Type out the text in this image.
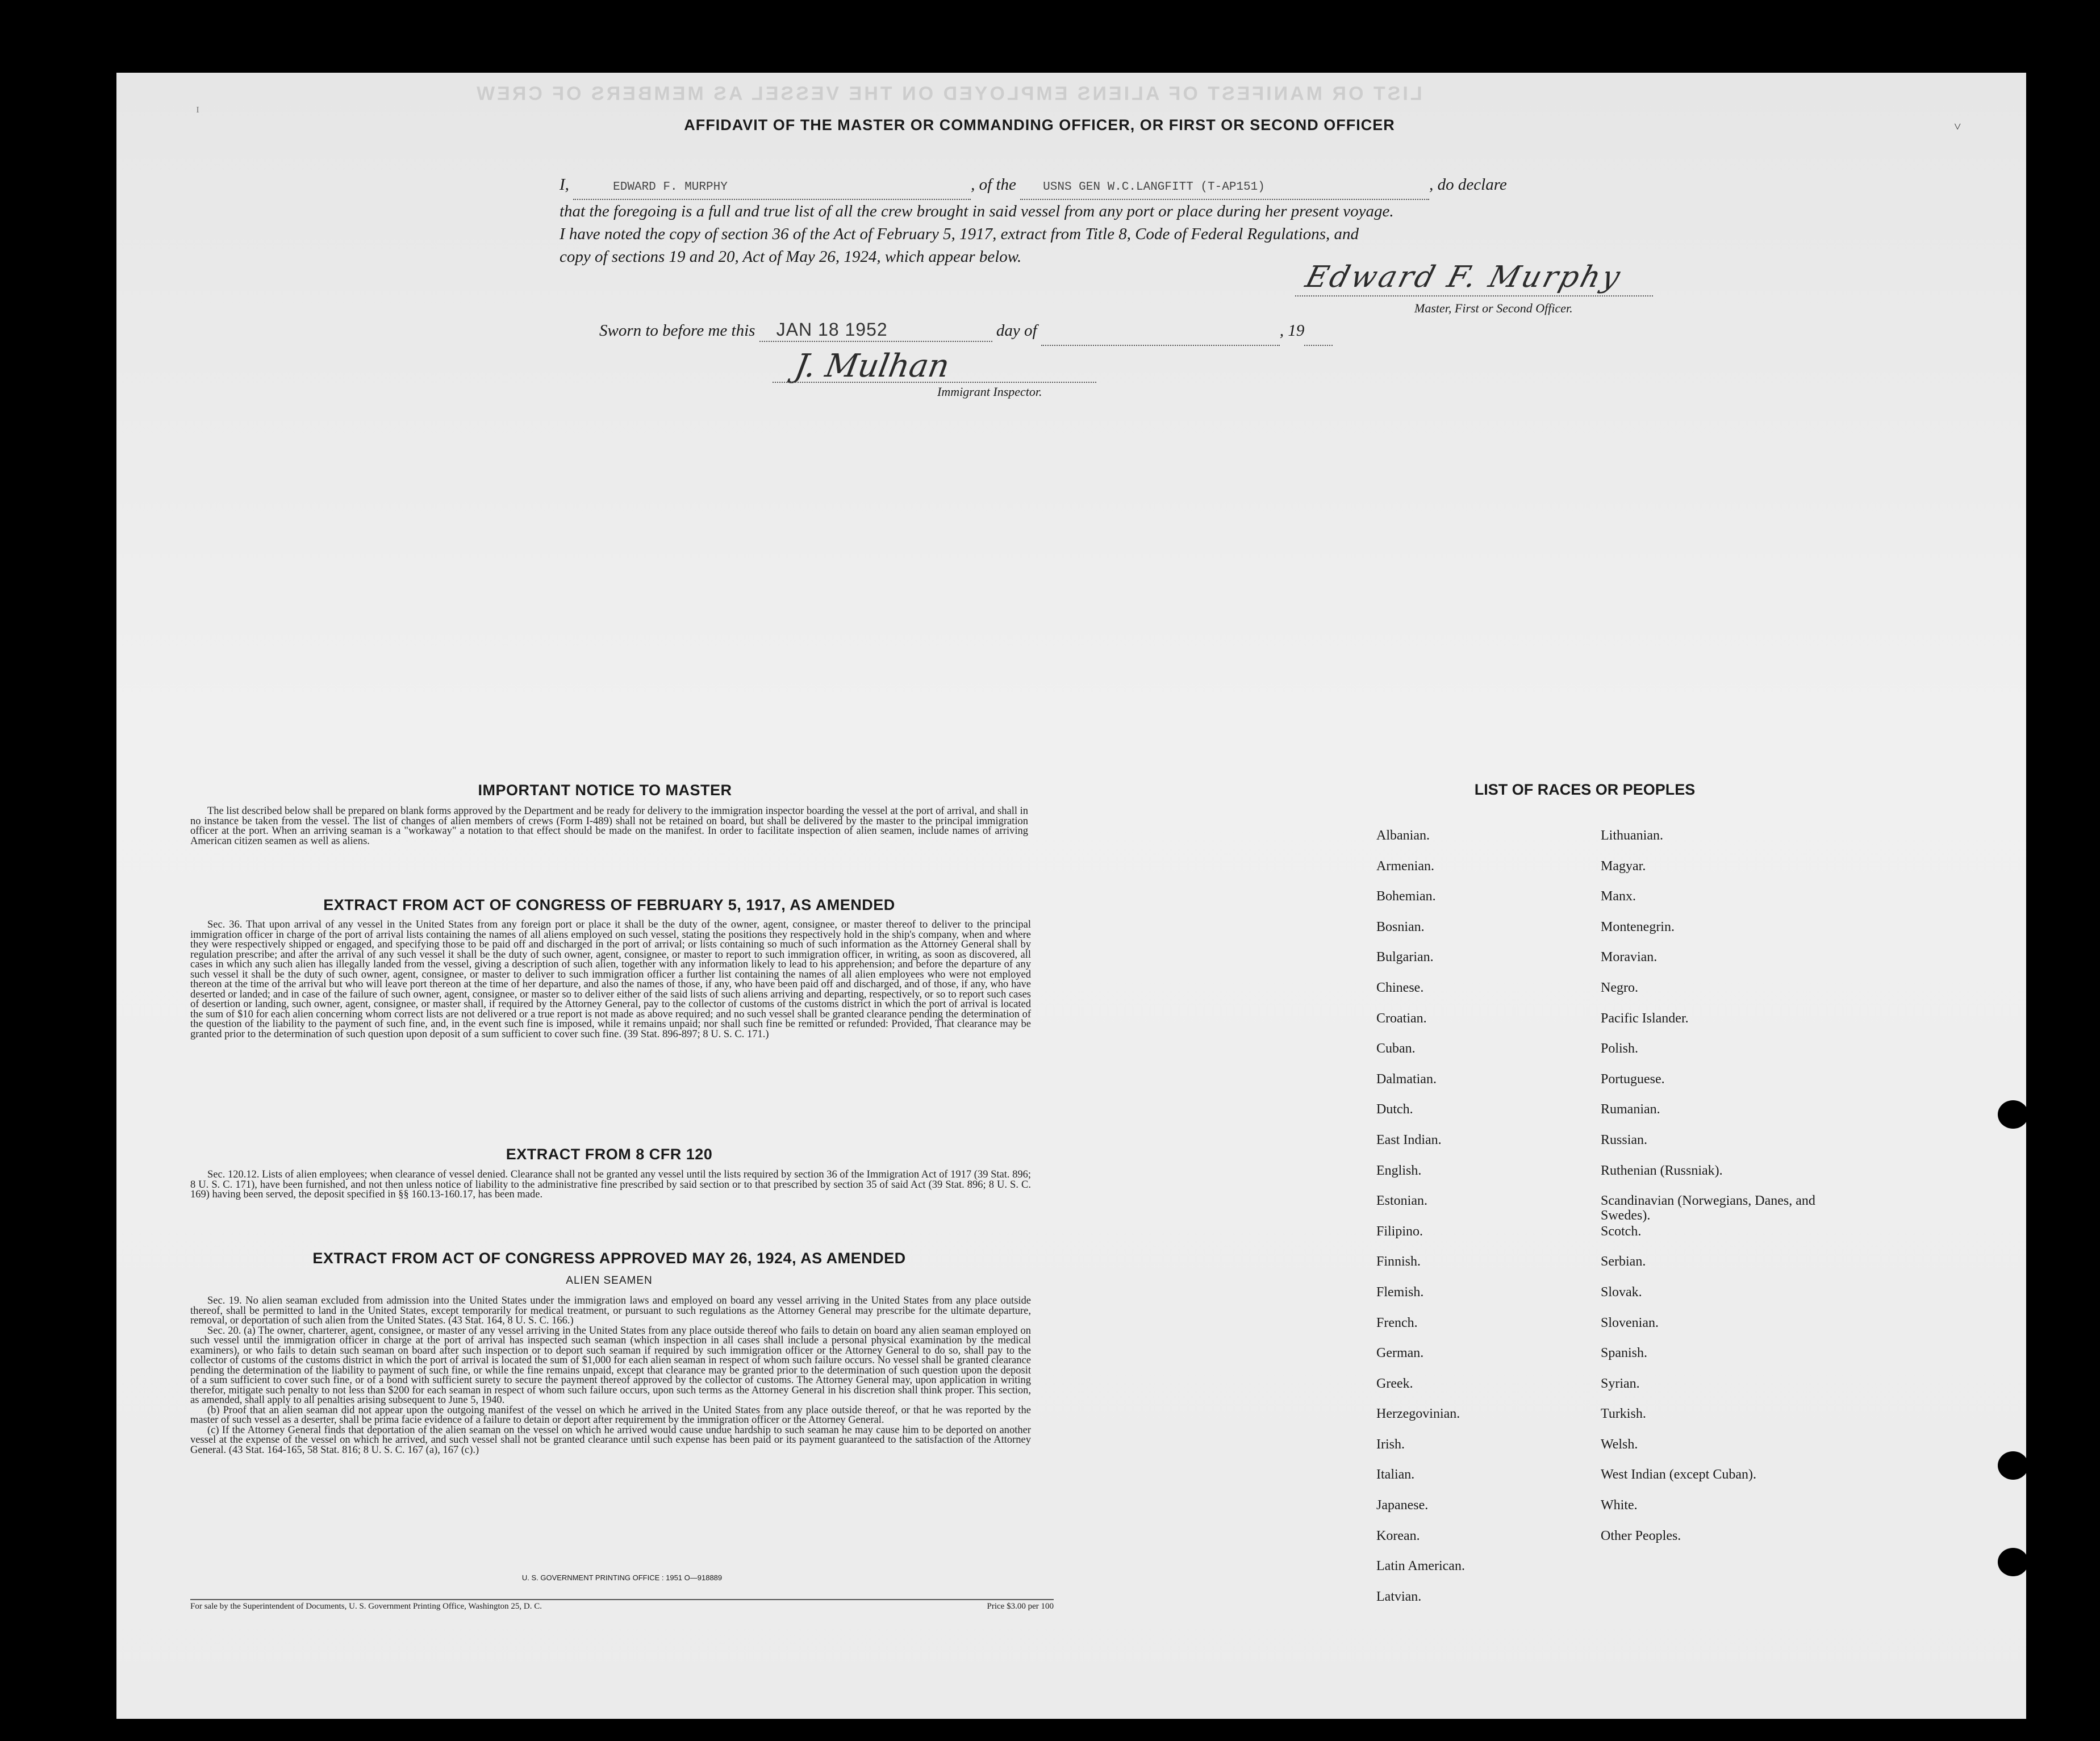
LIST OR MANIFEST OF ALIENS EMPLOYED ON THE VESSEL AS MEMBERS OF CREW
AFFIDAVIT OF THE MASTER OR COMMANDING OFFICER, OR FIRST OR SECOND OFFICER
I,	EDWARD F. MURPHY	, of the USNS GEN W.C.LANGFITT (T-AP151)	, do declare
that the foregoing is a full and true list of all the crew brought in said vessel from any port or place during her present voyage.
I have noted the copy of section 36 of the Act of February 5, 1917, extract from Title 8, Code of Federal Regulations, and
copy of sections 19 and 20, Act of May 26, 1924, which appear below.
Edward F. Murphy
Master, First or Second Officer.
Sworn to before me this JAN 18 1952	day of	, 19
J. Mulhan
Immigrant Inspector.
IMPORTANT NOTICE TO MASTER

The list described below shall be prepared on blank forms approved by the Department and be ready for delivery to the immigration inspector boarding the vessel at the port of arrival, and shall in no instance be taken from the vessel. The list of changes of alien members of crews (Form I-489) shall not be retained on board, but shall be delivered by the master to the principal immigration officer at the port. When an arriving seaman is a "workaway" a notation to that effect should be made on the manifest. In order to facilitate inspection of alien seamen, include names of arriving American citizen seamen as well as aliens.

EXTRACT FROM ACT OF CONGRESS OF FEBRUARY 5, 1917, AS AMENDED

Sec. 36. That upon arrival of any vessel in the United States from any foreign port or place it shall be the duty of the owner, agent, consignee, or master thereof to deliver to the principal immigration officer in charge of the port of arrival lists containing the names of all aliens employed on such vessel, stating the positions they respectively hold in the ship's company, when and where they were respectively shipped or engaged, and specifying those to be paid off and discharged in the port of arrival; or lists containing so much of such information as the Attorney General shall by regulation prescribe; and after the arrival of any such vessel it shall be the duty of such owner, agent, consignee, or master to report to such immigration officer, in writing, as soon as discovered, all cases in which any such alien has illegally landed from the vessel, giving a description of such alien, together with any information likely to lead to his apprehension; and before the departure of any such vessel it shall be the duty of such owner, agent, consignee, or master to deliver to such immigration officer a further list containing the names of all alien employees who were not employed thereon at the time of the arrival but who will leave port thereon at the time of her departure, and also the names of those, if any, who have been paid off and discharged, and of those, if any, who have deserted or landed; and in case of the failure of such owner, agent, consignee, or master so to deliver either of the said lists of such aliens arriving and departing, respectively, or so to report such cases of desertion or landing, such owner, agent, consignee, or master shall, if required by the Attorney General, pay to the collector of customs of the customs district in which the port of arrival is located the sum of $10 for each alien concerning whom correct lists are not delivered or a true report is not made as above required; and no such vessel shall be granted clearance pending the determination of the question of the liability to the payment of such fine, and, in the event such fine is imposed, while it remains unpaid; nor shall such fine be remitted or refunded: Provided, That clearance may be granted prior to the determination of such question upon deposit of a sum sufficient to cover such fine. (39 Stat. 896-897; 8 U. S. C. 171.)

EXTRACT FROM 8 CFR 120

Sec. 120.12. Lists of alien employees; when clearance of vessel denied. Clearance shall not be granted any vessel until the lists required by section 36 of the Immigration Act of 1917 (39 Stat. 896; 8 U. S. C. 171), have been furnished, and not then unless notice of liability to the administrative fine prescribed by said section or to that prescribed by section 35 of said Act (39 Stat. 896; 8 U. S. C. 169) having been served, the deposit specified in §§ 160.13-160.17, has been made.

EXTRACT FROM ACT OF CONGRESS APPROVED MAY 26, 1924, AS AMENDED
ALIEN SEAMEN

Sec. 19. No alien seaman excluded from admission into the United States under the immigration laws and employed on board any vessel arriving in the United States from any place outside thereof, shall be permitted to land in the United States, except temporarily for medical treatment, or pursuant to such regulations as the Attorney General may prescribe for the ultimate departure, removal, or deportation of such alien from the United States. (43 Stat. 164, 8 U. S. C. 166.)

Sec. 20. (a) The owner, charterer, agent, consignee, or master of any vessel arriving in the United States from any place outside thereof who fails to detain on board any alien seaman employed on such vessel until the immigration officer in charge at the port of arrival has inspected such seaman (which inspection in all cases shall include a personal physical examination by the medical examiners), or who fails to detain such seaman on board after such inspection or to deport such seaman if required by such immigration officer or the Attorney General to do so, shall pay to the collector of customs of the customs district in which the port of arrival is located the sum of $1,000 for each alien seaman in respect of whom such failure occurs. No vessel shall be granted clearance pending the determination of the liability to payment of such fine, or while the fine remains unpaid, except that clearance may be granted prior to the determination of such question upon the deposit of a sum sufficient to cover such fine, or of a bond with sufficient surety to secure the payment thereof approved by the collector of customs. The Attorney General may, upon application in writing therefor, mitigate such penalty to not less than $200 for each seaman in respect of whom such failure occurs, upon such terms as the Attorney General in his discretion shall think proper. This section, as amended, shall apply to all penalties arising subsequent to June 5, 1940.

(b) Proof that an alien seaman did not appear upon the outgoing manifest of the vessel on which he arrived in the United States from any place outside thereof, or that he was reported by the master of such vessel as a deserter, shall be prima facie evidence of a failure to detain or deport after requirement by the immigration officer or the Attorney General.

(c) If the Attorney General finds that deportation of the alien seaman on the vessel on which he arrived would cause undue hardship to such seaman he may cause him to be deported on another vessel at the expense of the vessel on which he arrived, and such vessel shall not be granted clearance until such expense has been paid or its payment guaranteed to the satisfaction of the Attorney General. (43 Stat. 164-165, 58 Stat. 816; 8 U. S. C. 167 (a), 167 (c).)

U. S. GOVERNMENT PRINTING OFFICE : 1951 O—918889
For sale by the Superintendent of Documents, U. S. Government Printing Office, Washington 25, D. C.	Price $3.00 per 100
LIST OF RACES OR PEOPLES
Albanian.
Armenian.
Bohemian.
Bosnian.
Bulgarian.
Chinese.
Croatian.
Cuban.
Dalmatian.
Dutch.
East Indian.
English.
Estonian.
Filipino.
Finnish.
Flemish.
French.
German.
Greek.
Herzegovinian.
Irish.
Italian.
Japanese.
Korean.
Latin American.
Latvian.
Lithuanian.
Magyar.
Manx.
Montenegrin.
Moravian.
Negro.
Pacific Islander.
Polish.
Portuguese.
Rumanian.
Russian.
Ruthenian (Russniak).
Scandinavian (Norwegians, Danes, and Swedes).
Scotch.
Serbian.
Slovak.
Slovenian.
Spanish.
Syrian.
Turkish.
Welsh.
West Indian (except Cuban).
White.
Other Peoples.
ɪ
˅
